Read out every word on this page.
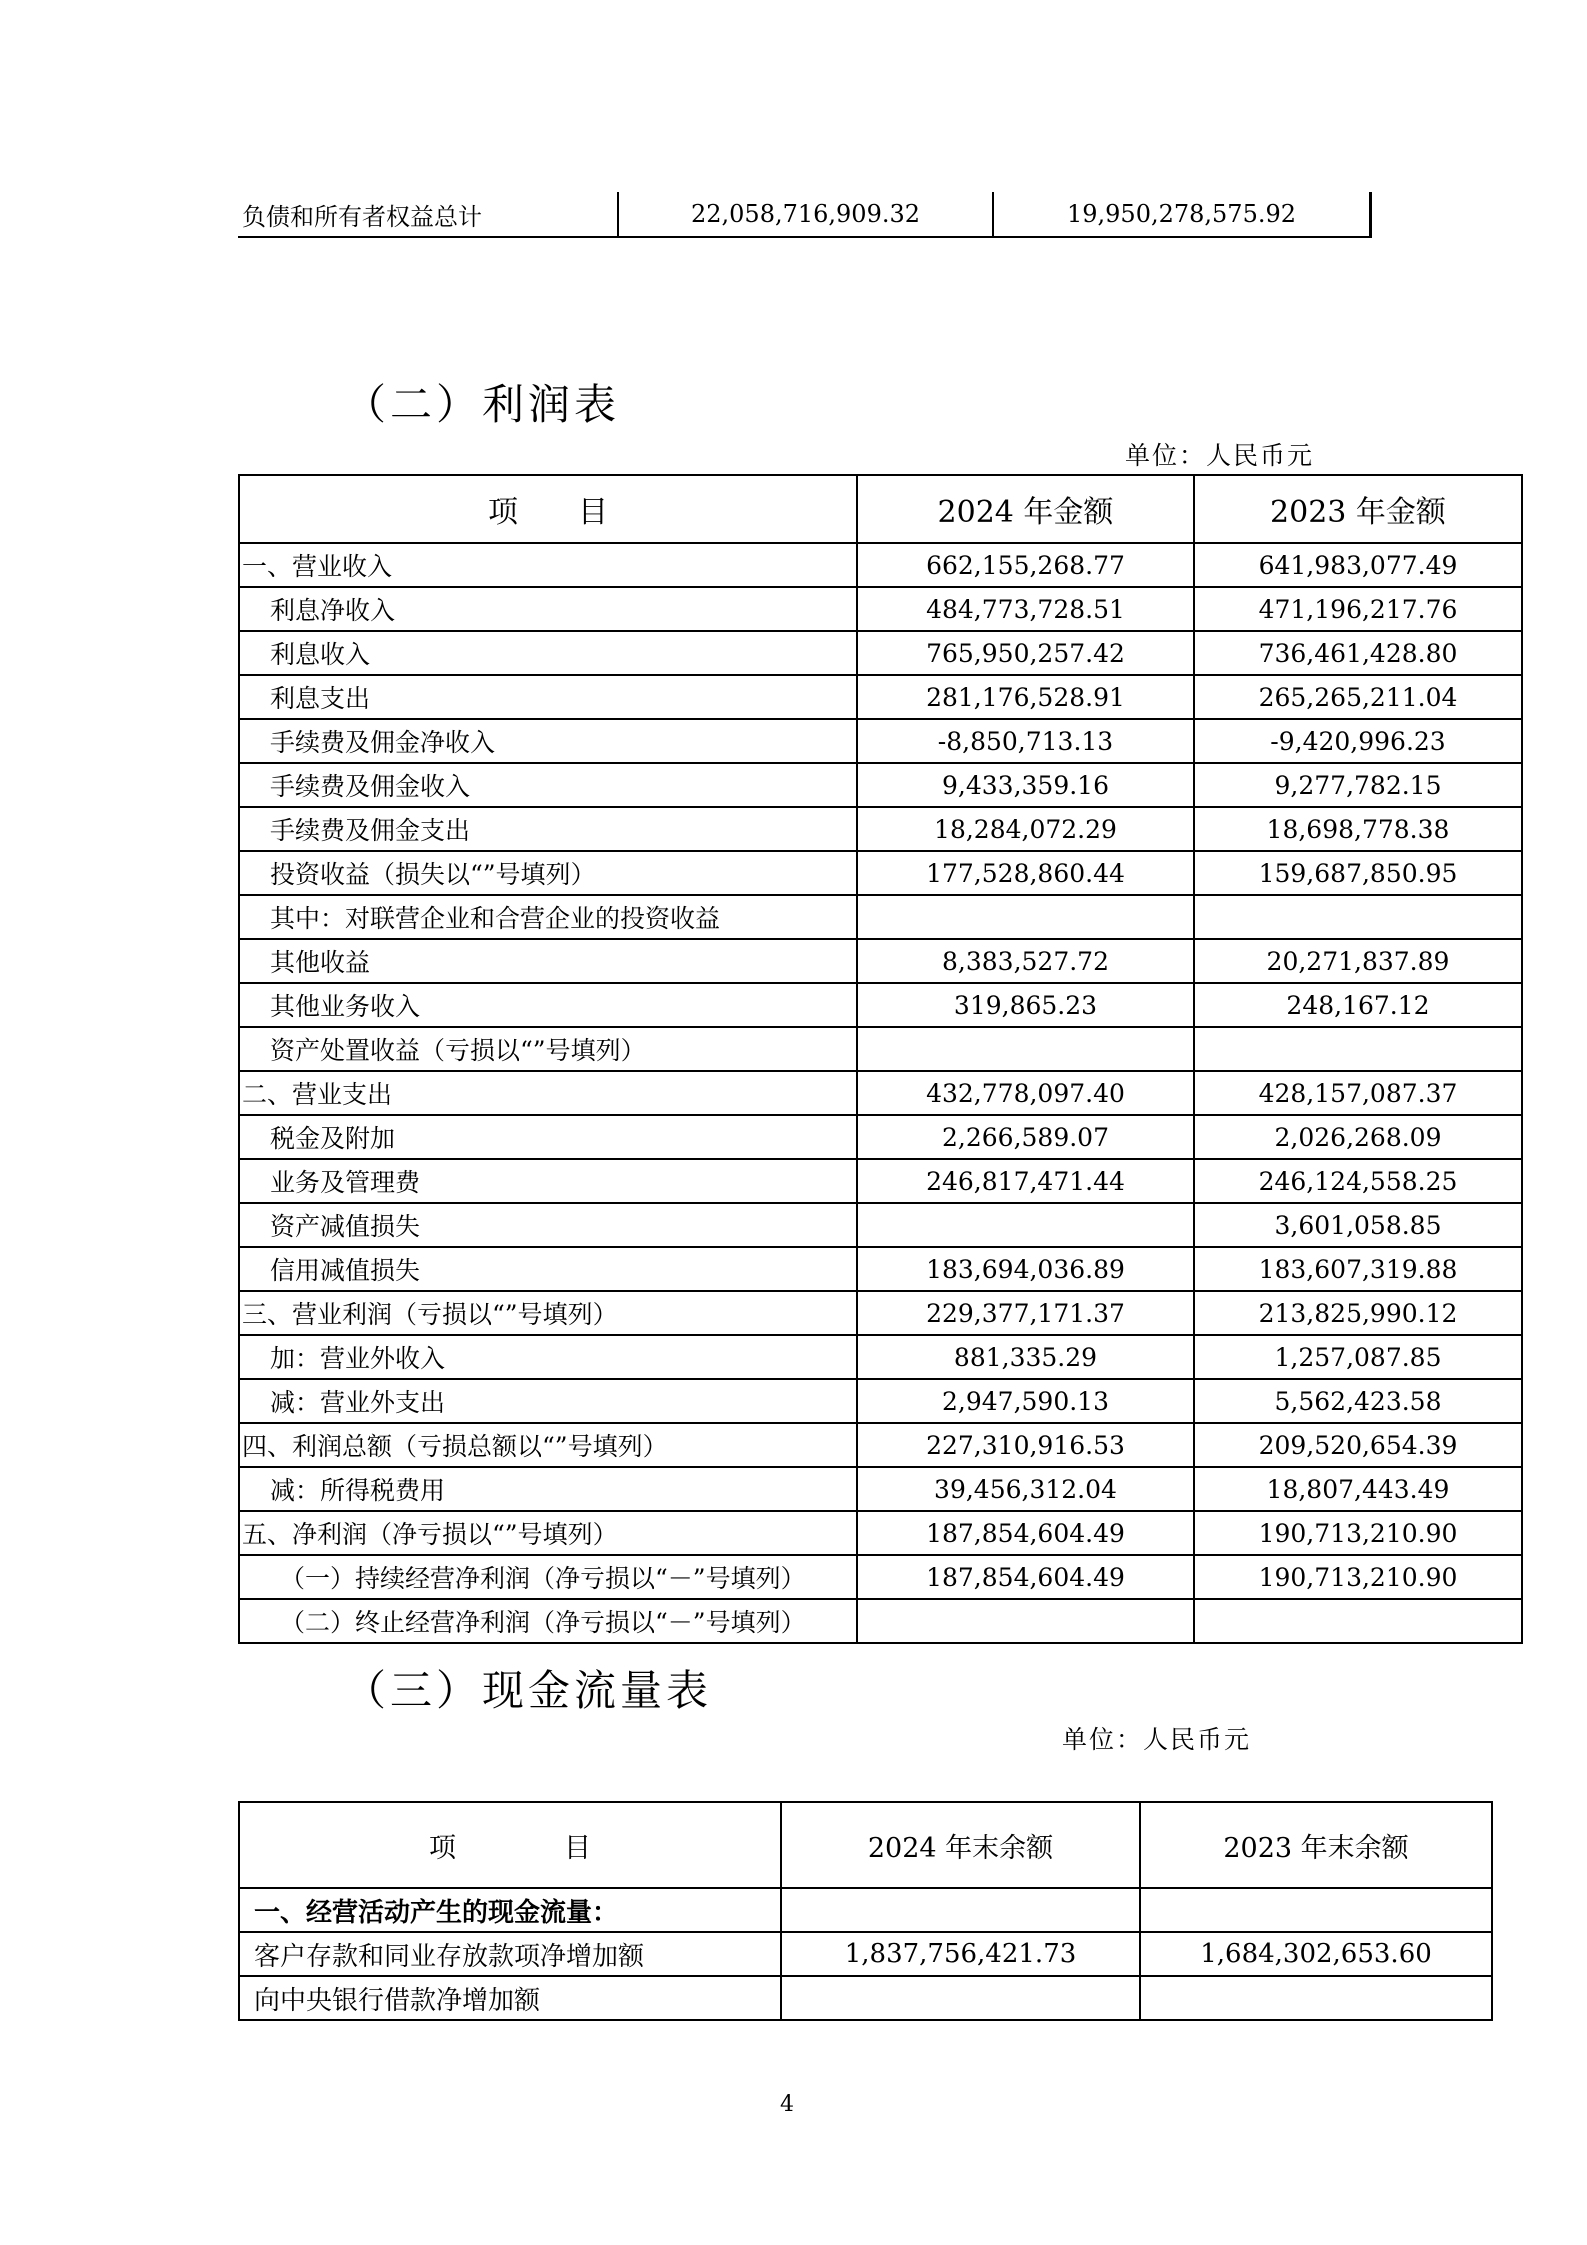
负债和所有者权益总计	22,058,716,909.32	19,950,278,575.92
（二）利润表
单位：人民币元
项　　目	2024 年金额	2023 年金额
一、营业收入	662,155,268.77	641,983,077.49
利息净收入	484,773,728.51	471,196,217.76
利息收入	765,950,257.42	736,461,428.80
利息支出	281,176,528.91	265,265,211.04
手续费及佣金净收入	-8,850,713.13	-9,420,996.23
手续费及佣金收入	9,433,359.16	9,277,782.15
手续费及佣金支出	18,284,072.29	18,698,778.38
投资收益（损失以“”号填列）	177,528,860.44	159,687,850.95
其中：对联营企业和合营企业的投资收益		
其他收益	8,383,527.72	20,271,837.89
其他业务收入	319,865.23	248,167.12
资产处置收益（亏损以“”号填列）		
二、营业支出	432,778,097.40	428,157,087.37
税金及附加	2,266,589.07	2,026,268.09
业务及管理费	246,817,471.44	246,124,558.25
资产减值损失		3,601,058.85
信用减值损失	183,694,036.89	183,607,319.88
三、营业利润（亏损以“”号填列）	229,377,171.37	213,825,990.12
加：营业外收入	881,335.29	1,257,087.85
减：营业外支出	2,947,590.13	5,562,423.58
四、利润总额（亏损总额以“”号填列）	227,310,916.53	209,520,654.39
减：所得税费用	39,456,312.04	18,807,443.49
五、净利润（净亏损以“”号填列）	187,854,604.49	190,713,210.90
（一）持续经营净利润（净亏损以“－”号填列）	187,854,604.49	190,713,210.90
（二）终止经营净利润（净亏损以“－”号填列）		
（三）现金流量表
单位：人民币元
项　　　　目	2024 年末余额	2023 年末余额
一、经营活动产生的现金流量：		
客户存款和同业存放款项净增加额	1,837,756,421.73	1,684,302,653.60
向中央银行借款净增加额		
4
